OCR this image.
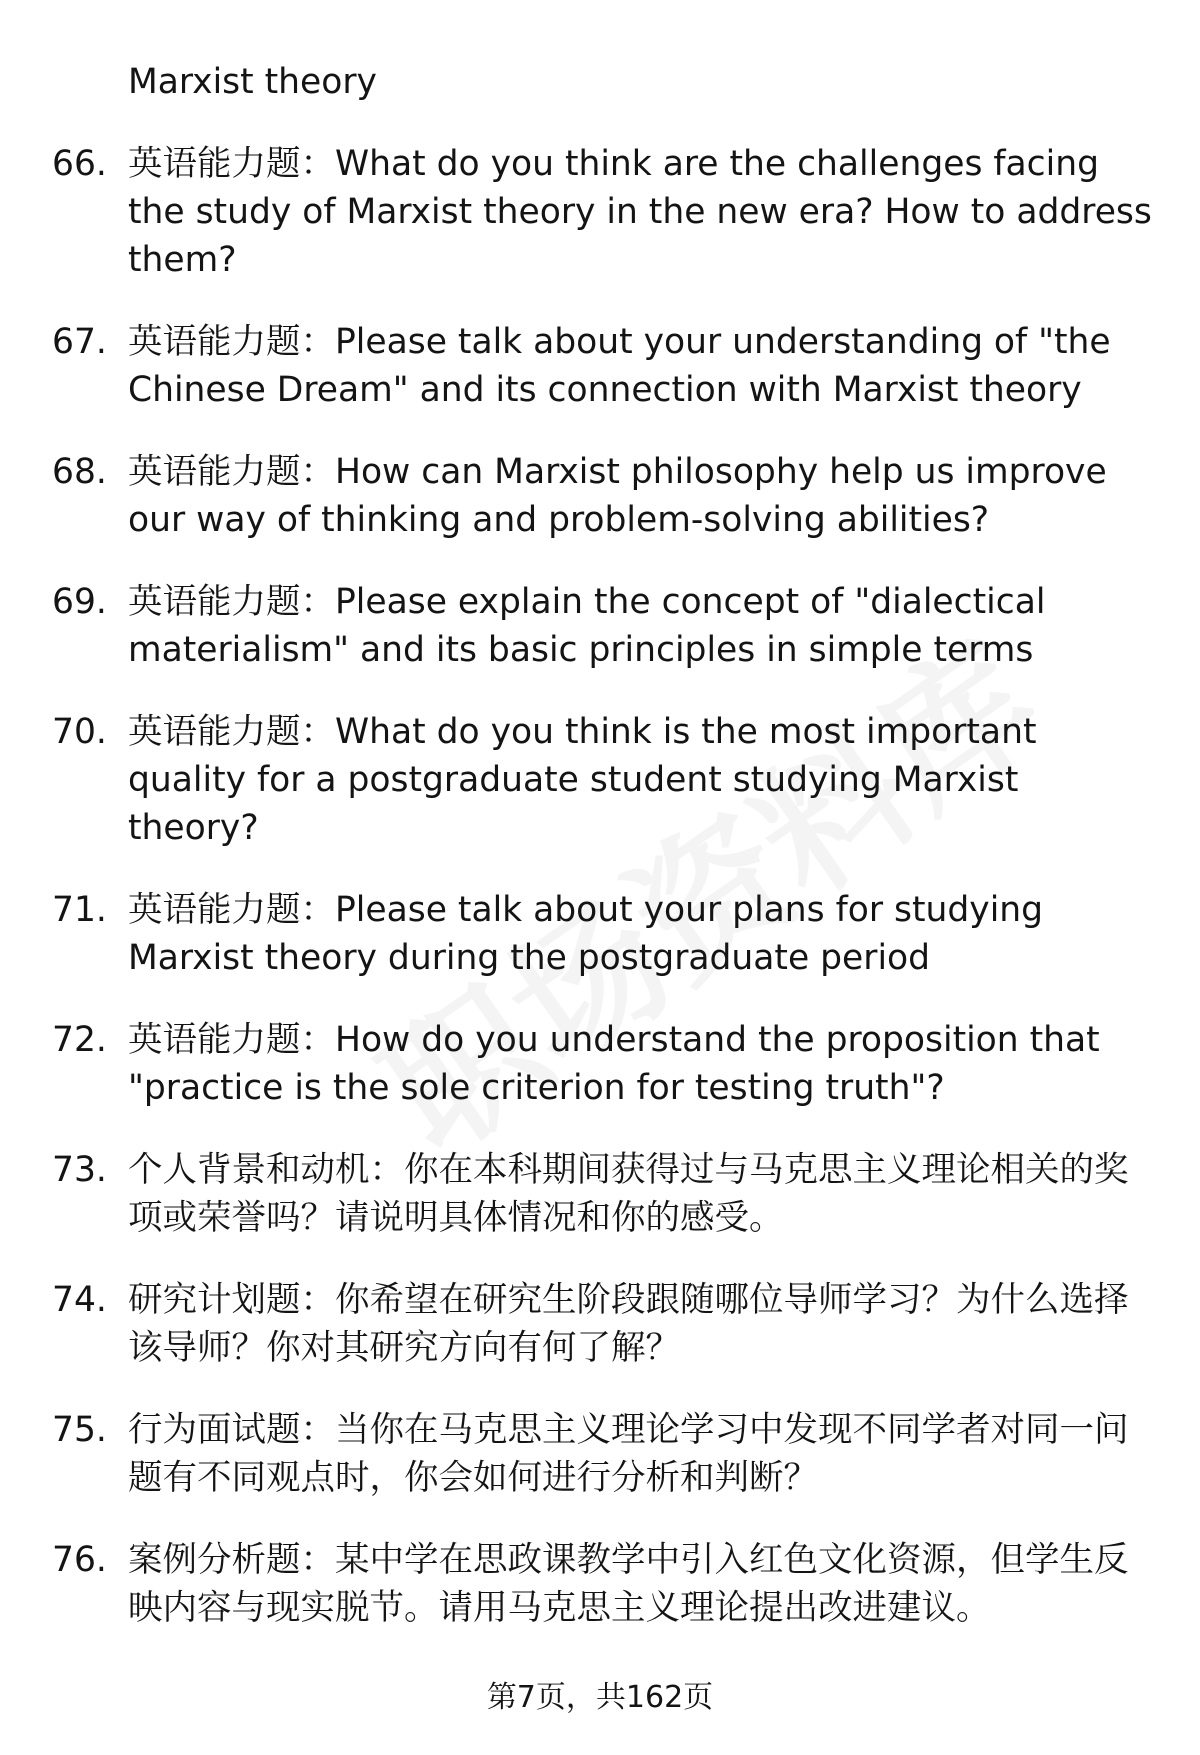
Marxist theory
66. 英语能力题：What do you think are the challenges facing the study of Marxist theory in the new era? How to address them?
67. 英语能力题：Please talk about your understanding of "the Chinese Dream" and its connection with Marxist theory
68. 英语能力题：How can Marxist philosophy help us improve our way of thinking and problem-solving abilities?
69. 英语能力题：Please explain the concept of "dialectical materialism" and its basic principles in simple terms
70. 英语能力题：What do you think is the most important quality for a postgraduate student studying Marxist theory?
71. 英语能力题：Please talk about your plans for studying Marxist theory during the postgraduate period
72. 英语能力题：How do you understand the proposition that "practice is the sole criterion for testing truth"?
73. 个人背景和动机：你在本科期间获得过与马克思主义理论相关的奖项或荣誉吗？请说明具体情况和你的感受。
74. 研究计划题：你希望在研究生阶段跟随哪位导师学习？为什么选择该导师？你对其研究方向有何了解？
75. 行为面试题：当你在马克思主义理论学习中发现不同学者对同一问题有不同观点时，你会如何进行分析和判断？
76. 案例分析题：某中学在思政课教学中引入红色文化资源，但学生反映内容与现实脱节。请用马克思主义理论提出改进建议。
第7页，共162页
